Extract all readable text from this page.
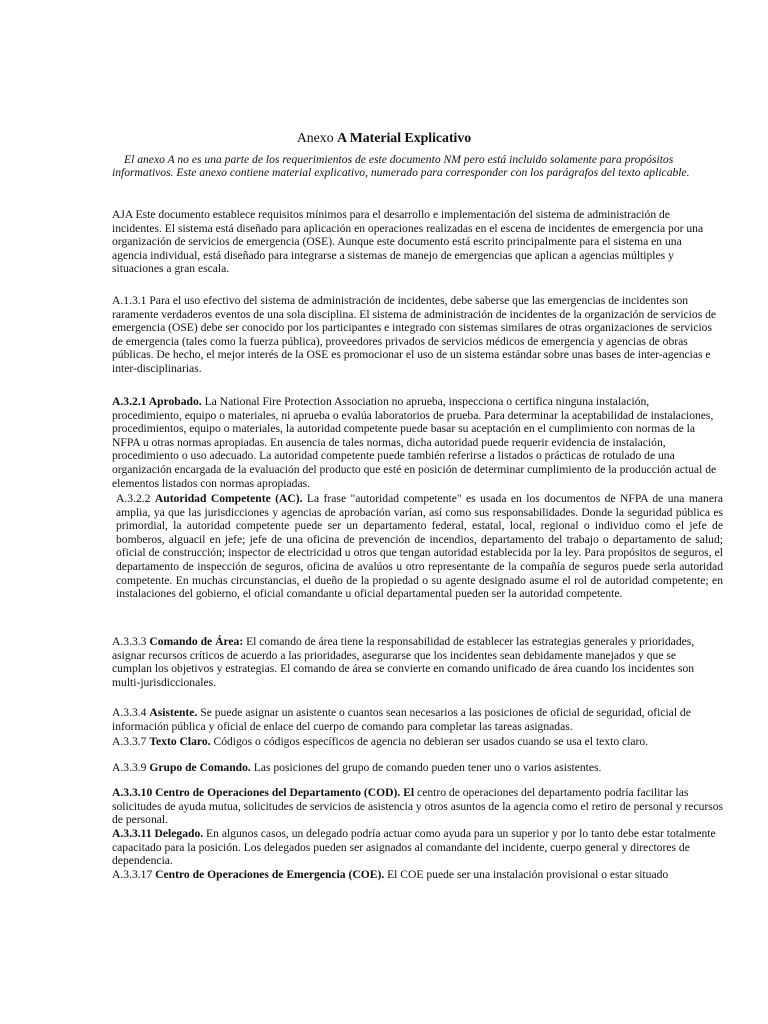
Anexo A Material Explicativo

El anexo A no es una parte de los requerimientos de este documento NM pero está incluido solamente para propósitos informativos. Este anexo contiene material explicativo, numerado para corresponder con los parágrafos del texto aplicable.

AJA Este documento establece requisitos mínimos para el desarrollo e implementación del sistema de administración de incidentes. El sistema está diseñado para aplicación en operaciones realizadas en el escena de incidentes de emergencia por una organización de servicios de emergencia (OSE). Aunque este documento está escrito principalmente para el sistema en una agencia individual, está diseñado para integrarse a sistemas de manejo de emergencias que aplican a agencias múltiples y situaciones a gran escala.

A.1.3.1 Para el uso efectivo del sistema de administración de incidentes, debe saberse que las emergencias de incidentes son raramente verdaderos eventos de una sola disciplina. El sistema de administración de incidentes de la organización de servicios de emergencia (OSE) debe ser conocido por los participantes e integrado con sistemas similares de otras organizaciones de servicios de emergencia (tales como la fuerza pública), proveedores privados de servicios médicos de emergencia y agencias de obras públicas. De hecho, el mejor interés de la OSE es promocionar el uso de un sistema estándar sobre unas bases de inter-agencias e inter-disciplinarias.

A.3.2.1 Aprobado. La National Fire Protection Association no aprueba, inspecciona o certifica ninguna instalación, procedimiento, equipo o materiales, ni aprueba o evalúa laboratorios de prueba. Para determinar la aceptabilidad de instalaciones, procedimientos, equipo o materiales, la autoridad competente puede basar su aceptación en el cumplimiento con normas de la NFPA u otras normas apropiadas. En ausencia de tales normas, dicha autoridad puede requerir evidencia de instalación, procedimiento o uso adecuado. La autoridad competente puede también referirse a listados o prácticas de rotulado de una organización encargada de la evaluación del producto que esté en posición de determinar cumplimiento de la producción actual de elementos listados con normas apropiadas.

A.3.2.2 Autoridad Competente (AC). La frase "autoridad competente" es usada en los documentos de NFPA de una manera amplia, ya que las jurisdicciones y agencias de aprobación varían, así como sus responsabilidades. Donde la seguridad pública es primordial, la autoridad competente puede ser un departamento federal, estatal, local, regional o individuo como el jefe de bomberos, alguacil en jefe; jefe de una oficina de prevención de incendios, departamento del trabajo o departamento de salud; oficial de construcción; inspector de electricidad u otros que tengan autoridad establecida por la ley. Para propósitos de seguros, el departamento de inspección de seguros, oficina de avalúos u otro representante de la compañía de seguros puede serla autoridad competente. En muchas circunstancias, el dueño de la propiedad o su agente designado asume el rol de autoridad competente; en instalaciones del gobierno, el oficial comandante u oficial departamental pueden ser la autoridad competente.

A.3.3.3 Comando de Área: El comando de área tiene la responsabilidad de establecer las estrategias generales y prioridades, asignar recursos críticos de acuerdo a las prioridades, asegurarse que los incidentes sean debidamente manejados y que se cumplan los objetivos y estrategias. El comando de área se convierte en comando unificado de área cuando los incidentes son multi-jurisdiccionales.

A.3.3.4 Asistente. Se puede asignar un asistente o cuantos sean necesarios a las posiciones de oficial de seguridad, oficial de información pública y oficial de enlace del cuerpo de comando para completar las tareas asignadas.

A.3.3.7 Texto Claro. Códigos o códigos específicos de agencia no debieran ser usados cuando se usa el texto claro.

A.3.3.9 Grupo de Comando. Las posiciones del grupo de comando pueden tener uno o varios asistentes.

A.3.3.10 Centro de Operaciones del Departamento (COD). El centro de operaciones del departamento podría facilitar las solicitudes de ayuda mutua, solicitudes de servicios de asistencia y otros asuntos de la agencia como el retiro de personal y recursos de personal.

A.3.3.11 Delegado. En algunos casos, un delegado podría actuar como ayuda para un superior y por lo tanto debe estar totalmente capacitado para la posición. Los delegados pueden ser asignados al comandante del incidente, cuerpo general y directores de dependencia.

A.3.3.17 Centro de Operaciones de Emergencia (COE). El COE puede ser una instalación provisional o estar situado
